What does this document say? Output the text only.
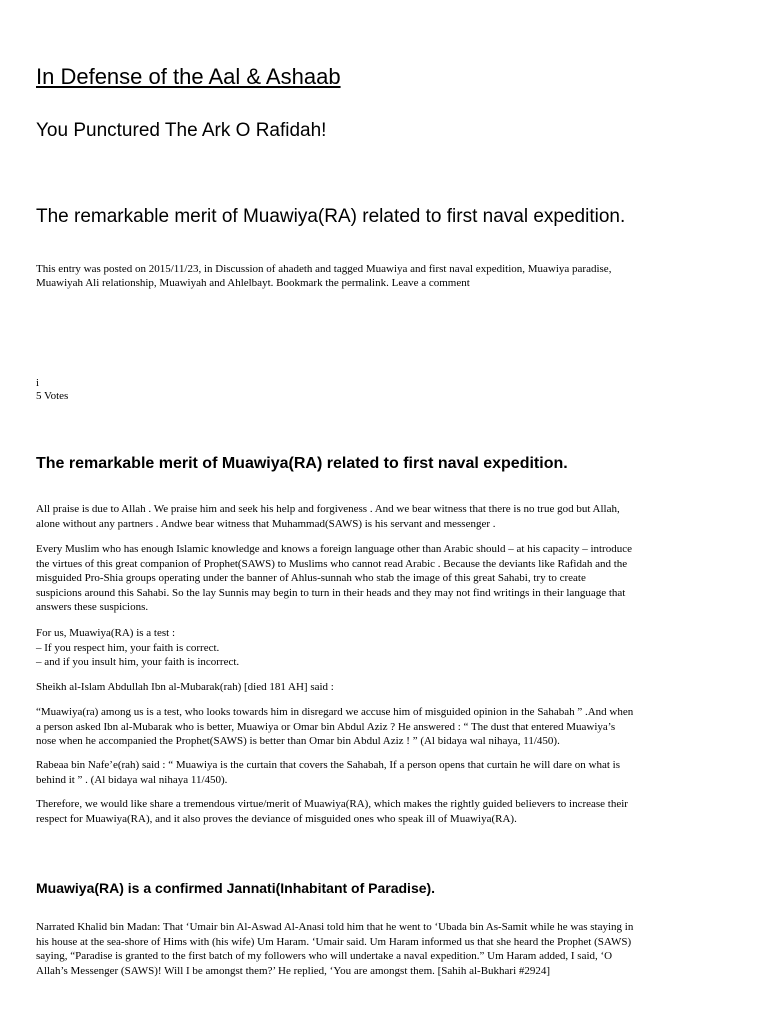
In Defense of the Aal & Ashaab
You Punctured The Ark O Rafidah!
The remarkable merit of Muawiya(RA) related to first naval expedition.
This entry was posted on 2015/11/23, in Discussion of ahadeth and tagged Muawiya and first naval expedition, Muawiya paradise,
Muawiyah Ali relationship, Muawiyah and Ahlelbayt. Bookmark the permalink. Leave a comment
i
5 Votes
The remarkable merit of Muawiya(RA) related to first naval expedition.
All praise is due to Allah . We praise him and seek his help and forgiveness . And we bear witness that there is no true god but Allah,
alone without any partners . Andwe bear witness that Muhammad(SAWS) is his servant and messenger .
Every Muslim who has enough Islamic knowledge and knows a foreign language other than Arabic should – at his capacity – introduce
the virtues of this great companion of Prophet(SAWS) to Muslims who cannot read Arabic . Because the deviants like Rafidah and the
misguided Pro-Shia groups operating under the banner of Ahlus-sunnah who stab the image of this great Sahabi, try to create
suspicions around this Sahabi. So the lay Sunnis may begin to turn in their heads and they may not find writings in their language that
answers these suspicions.
For us, Muawiya(RA) is a test :
– If you respect him, your faith is correct.
– and if you insult him, your faith is incorrect.
Sheikh al-Islam Abdullah Ibn al-Mubarak(rah) [died 181 AH] said :
“Muawiya(ra) among us is a test, who looks towards him in disregard we accuse him of misguided opinion in the Sahabah ” .And when
a person asked Ibn al-Mubarak who is better, Muawiya or Omar bin Abdul Aziz ? He answered : “ The dust that entered Muawiya’s
nose when he accompanied the Prophet(SAWS) is better than Omar bin Abdul Aziz ! ” (Al bidaya wal nihaya, 11/450).
Rabeaa bin Nafe’e(rah) said : “ Muawiya is the curtain that covers the Sahabah, If a person opens that curtain he will dare on what is
behind it ” . (Al bidaya wal nihaya 11/450).
Therefore, we would like share a tremendous virtue/merit of Muawiya(RA), which makes the rightly guided believers to increase their
respect for Muawiya(RA), and it also proves the deviance of misguided ones who speak ill of Muawiya(RA).
Muawiya(RA) is a confirmed Jannati(Inhabitant of Paradise).
Narrated Khalid bin Madan: That ‘Umair bin Al-Aswad Al-Anasi told him that he went to ‘Ubada bin As-Samit while he was staying in
his house at the sea-shore of Hims with (his wife) Um Haram. ‘Umair said. Um Haram informed us that she heard the Prophet (SAWS)
saying, “Paradise is granted to the first batch of my followers who will undertake a naval expedition.” Um Haram added, I said, ‘O
Allah’s Messenger (SAWS)! Will I be amongst them?’ He replied, ‘You are amongst them. [Sahih al-Bukhari #2924]
